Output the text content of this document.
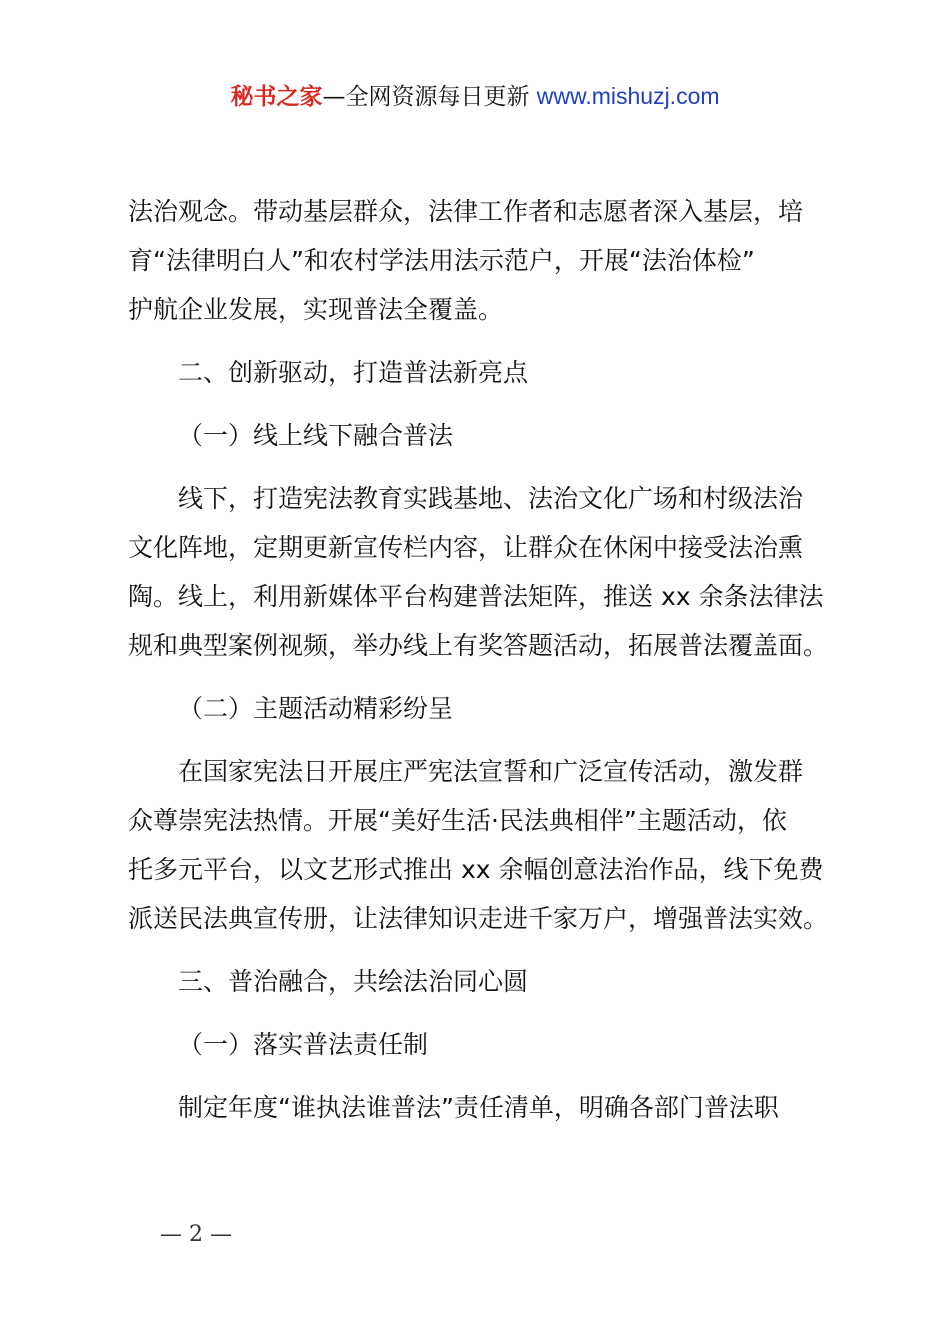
秘书之家—全网资源每日更新 www.mishuzj.com
法治观念。带动基层群众，法律工作者和志愿者深入基层，培
育“法律明白人”和农村学法用法示范户，开展“法治体检”
护航企业发展，实现普法全覆盖。
二、创新驱动，打造普法新亮点
（一）线上线下融合普法
线下，打造宪法教育实践基地、法治文化广场和村级法治
文化阵地，定期更新宣传栏内容，让群众在休闲中接受法治熏
陶。线上，利用新媒体平台构建普法矩阵，推送 xx 余条法律法
规和典型案例视频，举办线上有奖答题活动，拓展普法覆盖面。
（二）主题活动精彩纷呈
在国家宪法日开展庄严宪法宣誓和广泛宣传活动，激发群
众尊崇宪法热情。开展“美好生活·民法典相伴”主题活动，依
托多元平台，以文艺形式推出 xx 余幅创意法治作品，线下免费
派送民法典宣传册，让法律知识走进千家万户，增强普法实效。
三、普治融合，共绘法治同心圆
（一）落实普法责任制
制定年度“谁执法谁普法”责任清单，明确各部门普法职
— 2 —
